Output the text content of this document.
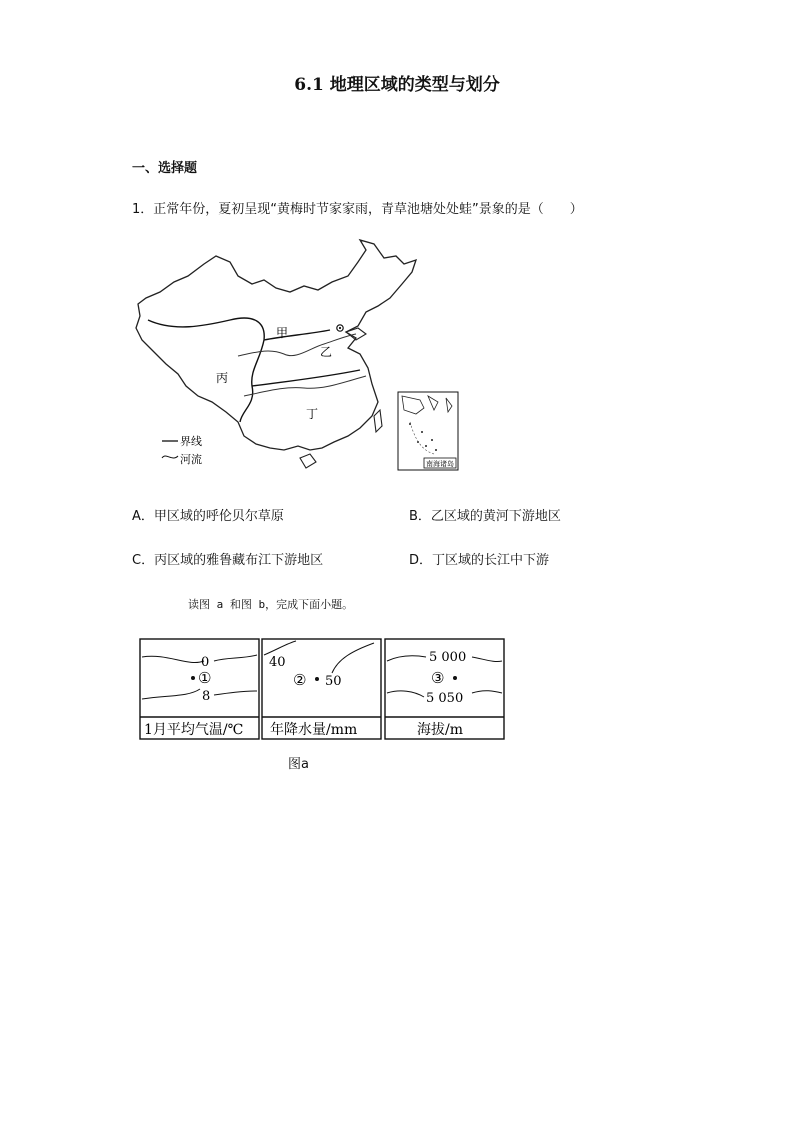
6.1 地理区域的类型与划分
一、选择题
1．正常年份，夏初呈现“黄梅时节家家雨，青草池塘处处蛙”景象的是（　　）
甲
乙
丙
丁
界线
河流	南海诸岛
A．甲区域的呼伦贝尔草原	B．乙区域的黄河下游地区
C．丙区域的雅鲁藏布江下游地区	D．丁区域的长江中下游
读图 a 和图 b，完成下面小题。
0
8
①
1月平均气温/℃
40
50
②
年降水量/mm
5 000
5 050
③
海拔/m
图a
